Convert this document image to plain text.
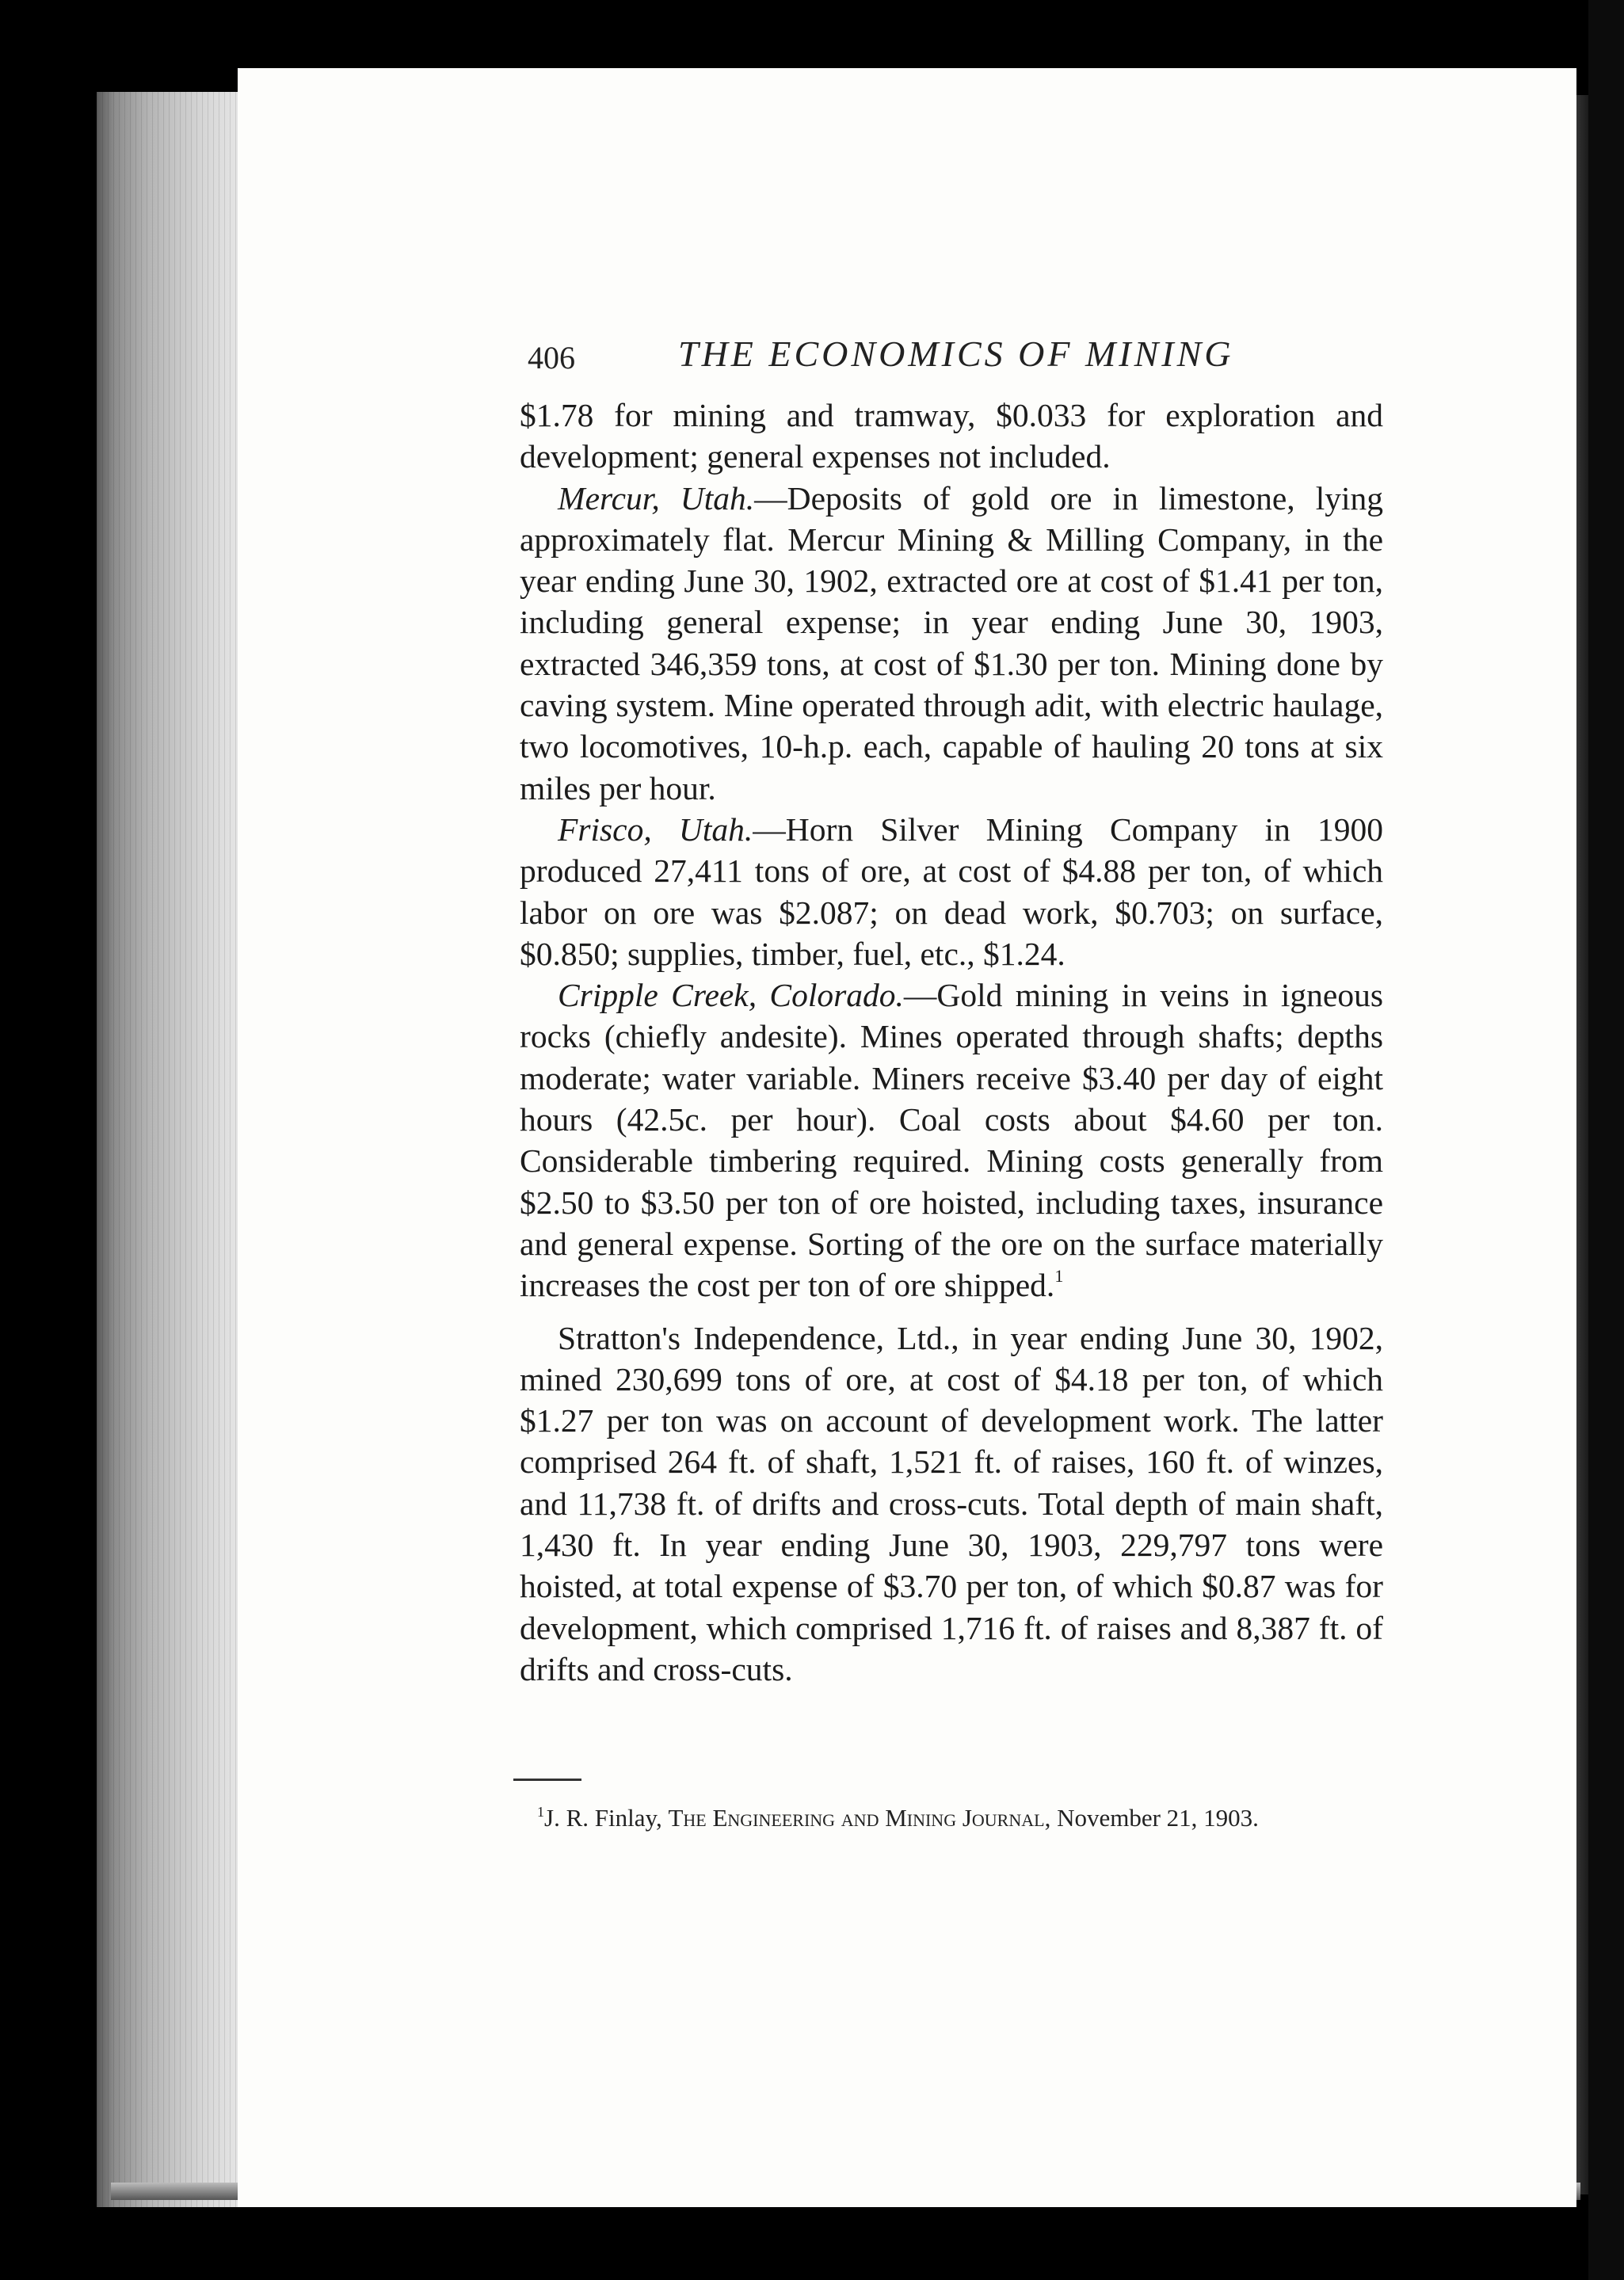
406	THE ECONOMICS OF MINING

$1.78 for mining and tramway, $0.033 for exploration and development; general expenses not included.

Mercur, Utah.—Deposits of gold ore in limestone, lying approximately flat. Mercur Mining & Milling Company, in the year ending June 30, 1902, extracted ore at cost of $1.41 per ton, including general expense; in year ending June 30, 1903, extracted 346,359 tons, at cost of $1.30 per ton. Mining done by caving system. Mine operated through adit, with electric haulage, two locomotives, 10-h.p. each, capable of hauling 20 tons at six miles per hour.

Frisco, Utah.—Horn Silver Mining Company in 1900 produced 27,411 tons of ore, at cost of $4.88 per ton, of which labor on ore was $2.087; on dead work, $0.703; on surface, $0.850; supplies, timber, fuel, etc., $1.24.

Cripple Creek, Colorado.—Gold mining in veins in igneous rocks (chiefly andesite). Mines operated through shafts; depths moderate; water variable. Miners receive $3.40 per day of eight hours (42.5c. per hour). Coal costs about $4.60 per ton. Considerable timbering required. Mining costs generally from $2.50 to $3.50 per ton of ore hoisted, including taxes, insurance and general expense. Sorting of the ore on the surface materially increases the cost per ton of ore shipped.$^1$

Stratton's Independence, Ltd., in year ending June 30, 1902, mined 230,699 tons of ore, at cost of $4.18 per ton, of which $1.27 per ton was on account of development work. The latter comprised 264 ft. of shaft, 1,521 ft. of raises, 160 ft. of winzes, and 11,738 ft. of drifts and cross-cuts. Total depth of main shaft, 1,430 ft. In year ending June 30, 1903, 229,797 tons were hoisted, at total expense of $3.70 per ton, of which $0.87 was for development, which comprised 1,716 ft. of raises and 8,387 ft. of drifts and cross-cuts.

$^1$J. R. Finlay, The Engineering and Mining Journal, November 21, 1903.
